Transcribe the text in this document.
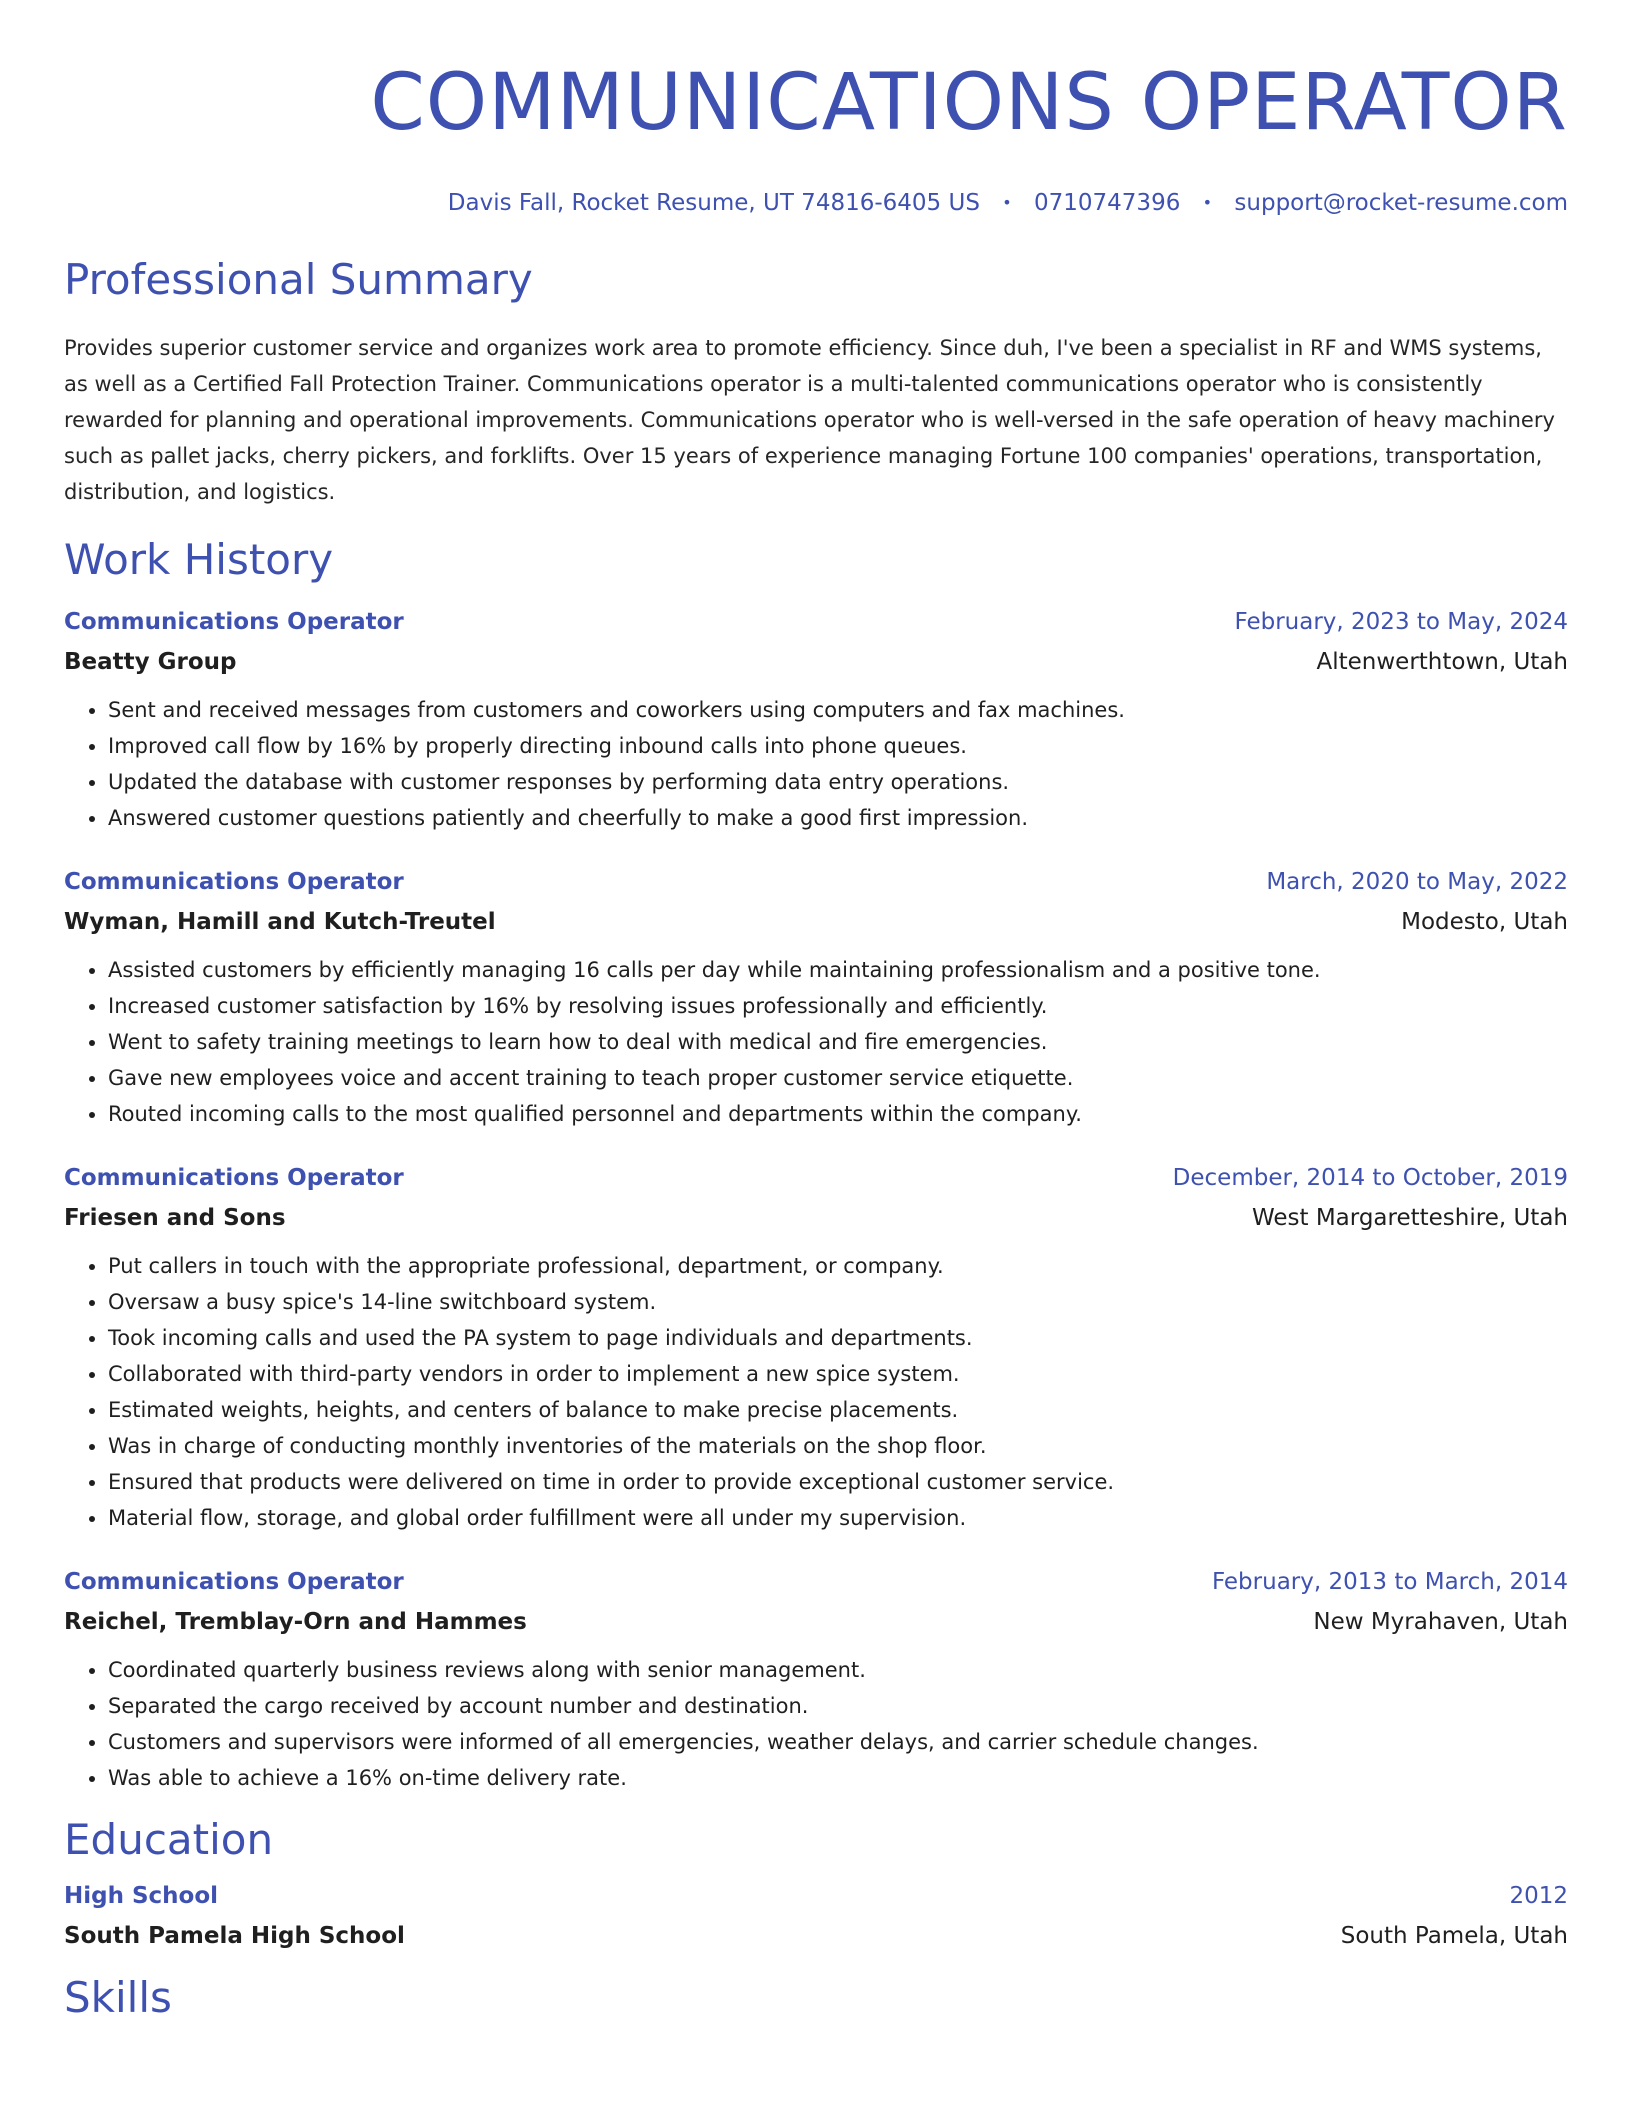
COMMUNICATIONS OPERATOR
Davis Fall, Rocket Resume, UT 74816-6405 US • 0710747396 • support@rocket-resume.com
Professional Summary
Provides superior customer service and organizes work area to promote efficiency. Since duh, I've been a specialist in RF and WMS systems, as well as a Certified Fall Protection Trainer. Communications operator is a multi-talented communications operator who is consistently rewarded for planning and operational improvements. Communications operator who is well-versed in the safe operation of heavy machinery such as pallet jacks, cherry pickers, and forklifts. Over 15 years of experience managing Fortune 100 companies' operations, transportation, distribution, and logistics.
Work History
Communications Operator	February, 2023 to May, 2024
Beatty Group	Altenwerthtown, Utah
• Sent and received messages from customers and coworkers using computers and fax machines.
• Improved call flow by 16% by properly directing inbound calls into phone queues.
• Updated the database with customer responses by performing data entry operations.
• Answered customer questions patiently and cheerfully to make a good first impression.
Communications Operator	March, 2020 to May, 2022
Wyman, Hamill and Kutch-Treutel	Modesto, Utah
• Assisted customers by efficiently managing 16 calls per day while maintaining professionalism and a positive tone.
• Increased customer satisfaction by 16% by resolving issues professionally and efficiently.
• Went to safety training meetings to learn how to deal with medical and fire emergencies.
• Gave new employees voice and accent training to teach proper customer service etiquette.
• Routed incoming calls to the most qualified personnel and departments within the company.
Communications Operator	December, 2014 to October, 2019
Friesen and Sons	West Margaretteshire, Utah
• Put callers in touch with the appropriate professional, department, or company.
• Oversaw a busy spice's 14-line switchboard system.
• Took incoming calls and used the PA system to page individuals and departments.
• Collaborated with third-party vendors in order to implement a new spice system.
• Estimated weights, heights, and centers of balance to make precise placements.
• Was in charge of conducting monthly inventories of the materials on the shop floor.
• Ensured that products were delivered on time in order to provide exceptional customer service.
• Material flow, storage, and global order fulfillment were all under my supervision.
Communications Operator	February, 2013 to March, 2014
Reichel, Tremblay-Orn and Hammes	New Myrahaven, Utah
• Coordinated quarterly business reviews along with senior management.
• Separated the cargo received by account number and destination.
• Customers and supervisors were informed of all emergencies, weather delays, and carrier schedule changes.
• Was able to achieve a 16% on-time delivery rate.
Education
High School	2012
South Pamela High School	South Pamela, Utah
Skills
